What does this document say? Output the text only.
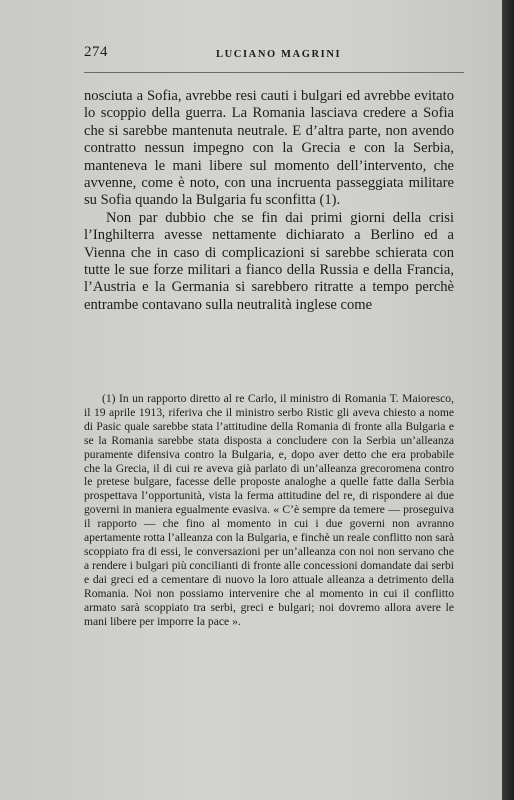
274	LUCIANO MAGRINI

nosciuta a Sofia, avrebbe resi cauti i bulgari ed avrebbe evitato lo scoppio della guerra. La Romania lasciava credere a Sofia che si sarebbe mantenuta neutrale. E d’altra parte, non avendo contratto nessun impegno con la Grecia e con la Serbia, manteneva le mani libere sul momento dell’intervento, che avvenne, come è noto, con una incruenta passeggiata militare su Sofia quando la Bulgaria fu sconfitta (1).

Non par dubbio che se fin dai primi giorni della crisi l’Inghilterra avesse nettamente dichiarato a Berlino ed a Vienna che in caso di complicazioni si sarebbe schierata con tutte le sue forze militari a fianco della Russia e della Francia, l’Austria e la Germania si sarebbero ritratte a tempo perchè entrambe contavano sulla neutralità inglese come

(1) In un rapporto diretto al re Carlo, il ministro di Romania T. Maioresco, il 19 aprile 1913, riferiva che il ministro serbo Ristic gli aveva chiesto a nome di Pasic quale sarebbe stata l’attitudine della Romania di fronte alla Bulgaria e se la Romania sarebbe stata disposta a concludere con la Serbia un’alleanza puramente difensiva contro la Bulgaria, e, dopo aver detto che era probabile che la Grecia, il di cui re aveva già parlato di un’alleanza grecoromena contro le pretese bulgare, facesse delle proposte analoghe a quelle fatte dalla Serbia prospettava l’opportunità, vista la ferma attitudine del re, di rispondere ai due governi in maniera egualmente evasiva. « C’è sempre da temere — proseguiva il rapporto — che fino al momento in cui i due governi non avranno apertamente rotta l’alleanza con la Bulgaria, e finchè un reale conflitto non sarà scoppiato fra di essi, le conversazioni per un’alleanza con noi non servano che a rendere i bulgari più concilianti di fronte alle concessioni domandate dai serbi e dai greci ed a cementare di nuovo la loro attuale alleanza a detrimento della Romania. Noi non possiamo intervenire che al momento in cui il conflitto armato sarà scoppiato tra serbi, greci e bulgari; noi dovremo allora avere le mani libere per imporre la pace ».
